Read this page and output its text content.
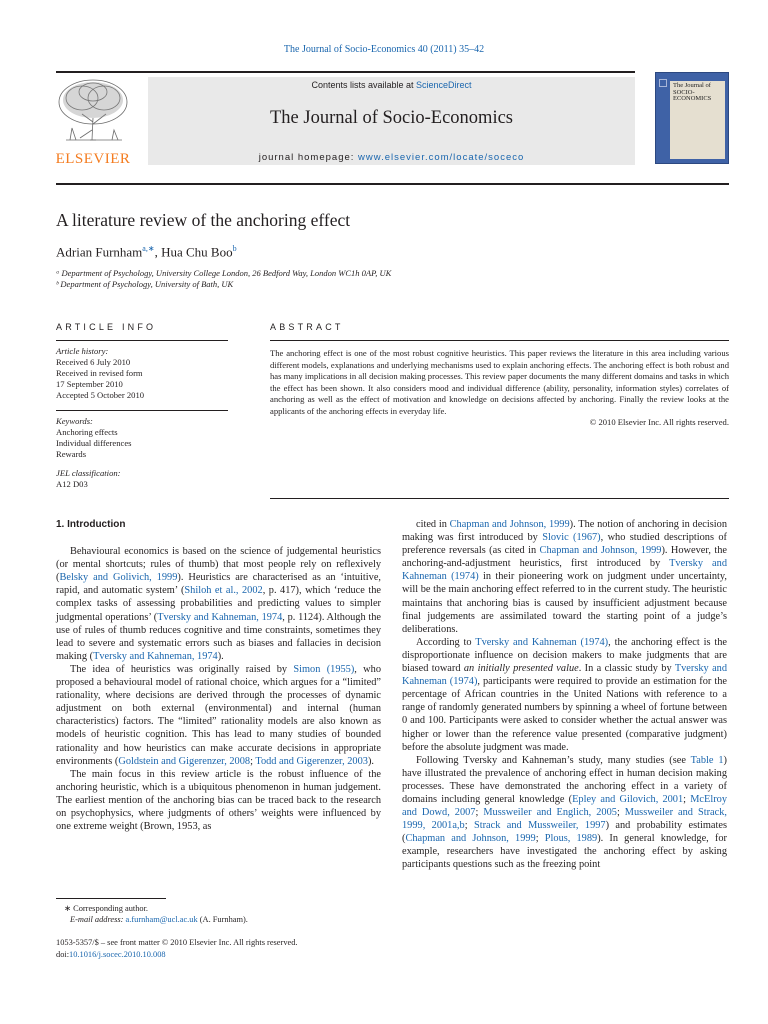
The Journal of Socio-Economics 40 (2011) 35–42
ELSEVIER
Contents lists available at ScienceDirect
The Journal of Socio-Economics
journal homepage: www.elsevier.com/locate/soceco
The Journal of SOCIO-ECONOMICS
A literature review of the anchoring effect
Adrian Furnham$^{a,∗}$, Hua Chu Boo$^b$
ᵃ Department of Psychology, University College London, 26 Bedford Way, London WC1h 0AP, UK
ᵇ Department of Psychology, University of Bath, UK
ARTICLE INFO	ABSTRACT
Article history:
Received 6 July 2010
Received in revised form
17 September 2010
Accepted 5 October 2010
Keywords:
Anchoring effects
Individual differences
Rewards
JEL classification:
A12 D03
The anchoring effect is one of the most robust cognitive heuristics. This paper reviews the literature in this area including various different models, explanations and underlying mechanisms used to explain anchoring effects. The anchoring effect is both robust and has many implications in all decision making processes. This review paper documents the many different domains and tasks in which the effect has been shown. It also considers mood and individual difference (ability, personality, information styles) correlates of anchoring as well as the effect of motivation and knowledge on decisions affected by anchoring. Finally the review looks at the applicants of the anchoring effects in everyday life.
© 2010 Elsevier Inc. All rights reserved.
1. Introduction

Behavioural economics is based on the science of judgemental heuristics (or mental shortcuts; rules of thumb) that most people rely on reflexively (Belsky and Golivich, 1999). Heuristics are characterised as an ‘intuitive, rapid, and automatic system’ (Shiloh et al., 2002, p. 417), which ‘reduce the complex tasks of assessing probabilities and predicting values to simpler judgmental operations’ (Tversky and Kahneman, 1974, p. 1124). Although the use of rules of thumb reduces cognitive and time constraints, sometimes they lead to severe and systematic errors such as biases and fallacies in decision making (Tversky and Kahneman, 1974).

The idea of heuristics was originally raised by Simon (1955), who proposed a behavioural model of rational choice, which argues for a “limited” rationality, where decisions are derived through the processes of dynamic adjustment on both external (environmental) and internal (human characteristics) factors. The “limited” rationality models are also known as models of heuristic cognition. This has lead to many studies of bounded rationality and how heuristics can make accurate decisions in appropriate environments (Goldstein and Gigerenzer, 2008; Todd and Gigerenzer, 2003).

The main focus in this review article is the robust influence of the anchoring heuristic, which is a ubiquitous phenomenon in human judgement. The earliest mention of the anchoring bias can be traced back to the research on psychophysics, where judgments of others’ weights were influenced by one extreme weight (Brown, 1953, as

cited in Chapman and Johnson, 1999). The notion of anchoring in decision making was first introduced by Slovic (1967), who studied descriptions of preference reversals (as cited in Chapman and Johnson, 1999). However, the anchoring-and-adjustment heuristics, first introduced by Tversky and Kahneman (1974) in their pioneering work on judgment under uncertainty, will be the main anchoring effect referred to in the current study. The heuristic maintains that anchoring bias is caused by insufficient adjustment because final judgements are assimilated toward the starting point of a judge’s deliberations.

According to Tversky and Kahneman (1974), the anchoring effect is the disproportionate influence on decision makers to make judgments that are biased toward an initially presented value. In a classic study by Tversky and Kahneman (1974), participants were required to provide an estimation for the percentage of African countries in the United Nations with reference to a range of randomly generated numbers by spinning a wheel of fortune between 0 and 100. Participants were asked to consider whether the actual answer was higher or lower than the reference value presented (comparative judgment) before the absolute judgment was made.

Following Tversky and Kahneman’s study, many studies (see Table 1) have illustrated the prevalence of anchoring effect in human decision making processes. These have demonstrated the anchoring effect in a variety of domains including general knowledge (Epley and Gilovich, 2001; McElroy and Dowd, 2007; Mussweiler and Englich, 2005; Mussweiler and Strack, 1999, 2001a,b; Strack and Mussweiler, 1997) and probability estimates (Chapman and Johnson, 1999; Plous, 1989). In general knowledge, for example, researchers have investigated the anchoring effect by asking participants questions such as the freezing point

∗ Corresponding author.
E-mail address: a.furnham@ucl.ac.uk (A. Furnham).
1053-5357/$ – see front matter © 2010 Elsevier Inc. All rights reserved.
doi:10.1016/j.socec.2010.10.008
